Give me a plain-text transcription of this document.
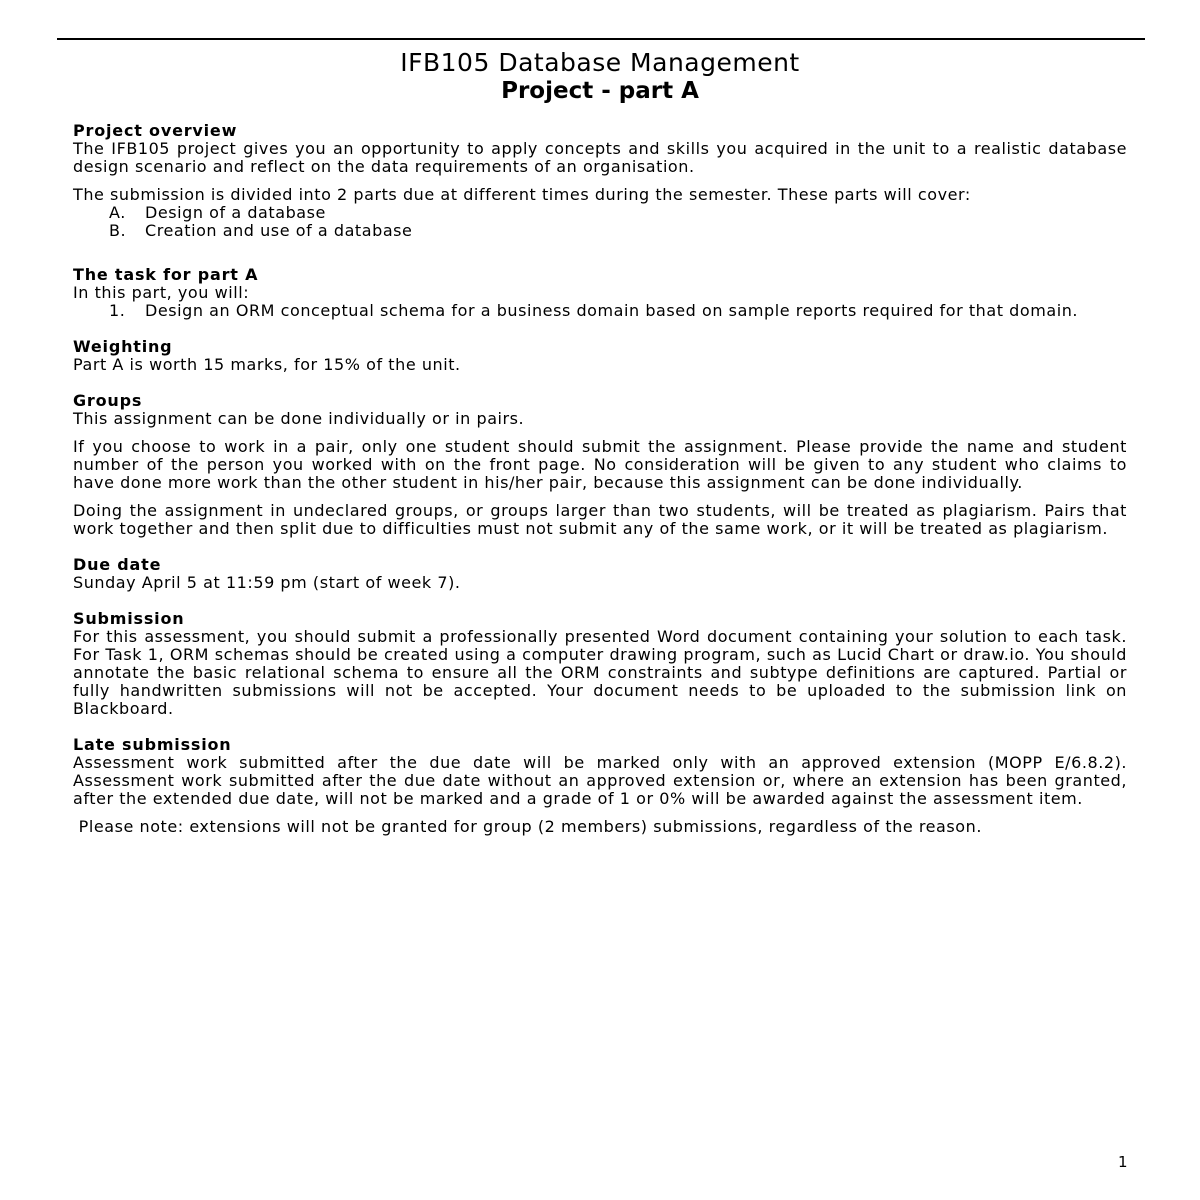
IFB105 Database Management
Project - part A
Project overview

The IFB105 project gives you an opportunity to apply concepts and skills you acquired in the unit to a realistic database design scenario and reflect on the data requirements of an organisation.

The submission is divided into 2 parts due at different times during the semester. These parts will cover:

A.	Design of a database
B.	Creation and use of a database
The task for part A

In this part, you will:

1.	Design an ORM conceptual schema for a business domain based on sample reports required for that domain.
Weighting

Part A is worth 15 marks, for 15% of the unit.

Groups

This assignment can be done individually or in pairs.

If you choose to work in a pair, only one student should submit the assignment. Please provide the name and student number of the person you worked with on the front page. No consideration will be given to any student who claims to have done more work than the other student in his/her pair, because this assignment can be done individually.

Doing the assignment in undeclared groups, or groups larger than two students, will be treated as plagiarism. Pairs that work together and then split due to difficulties must not submit any of the same work, or it will be treated as plagiarism.

Due date

Sunday April 5 at 11:59 pm (start of week 7).

Submission

For this assessment, you should submit a professionally presented Word document containing your solution to each task. For Task 1, ORM schemas should be created using a computer drawing program, such as Lucid Chart or draw.io. You should annotate the basic relational schema to ensure all the ORM constraints and subtype definitions are captured. Partial or fully handwritten submissions will not be accepted. Your document needs to be uploaded to the submission link on Blackboard.

Late submission

Assessment work submitted after the due date will be marked only with an approved extension (MOPP E/6.8.2). Assessment work submitted after the due date without an approved extension or, where an extension has been granted, after the extended due date, will not be marked and a grade of 1 or 0% will be awarded against the assessment item.

Please note: extensions will not be granted for group (2 members) submissions, regardless of the reason.

1
